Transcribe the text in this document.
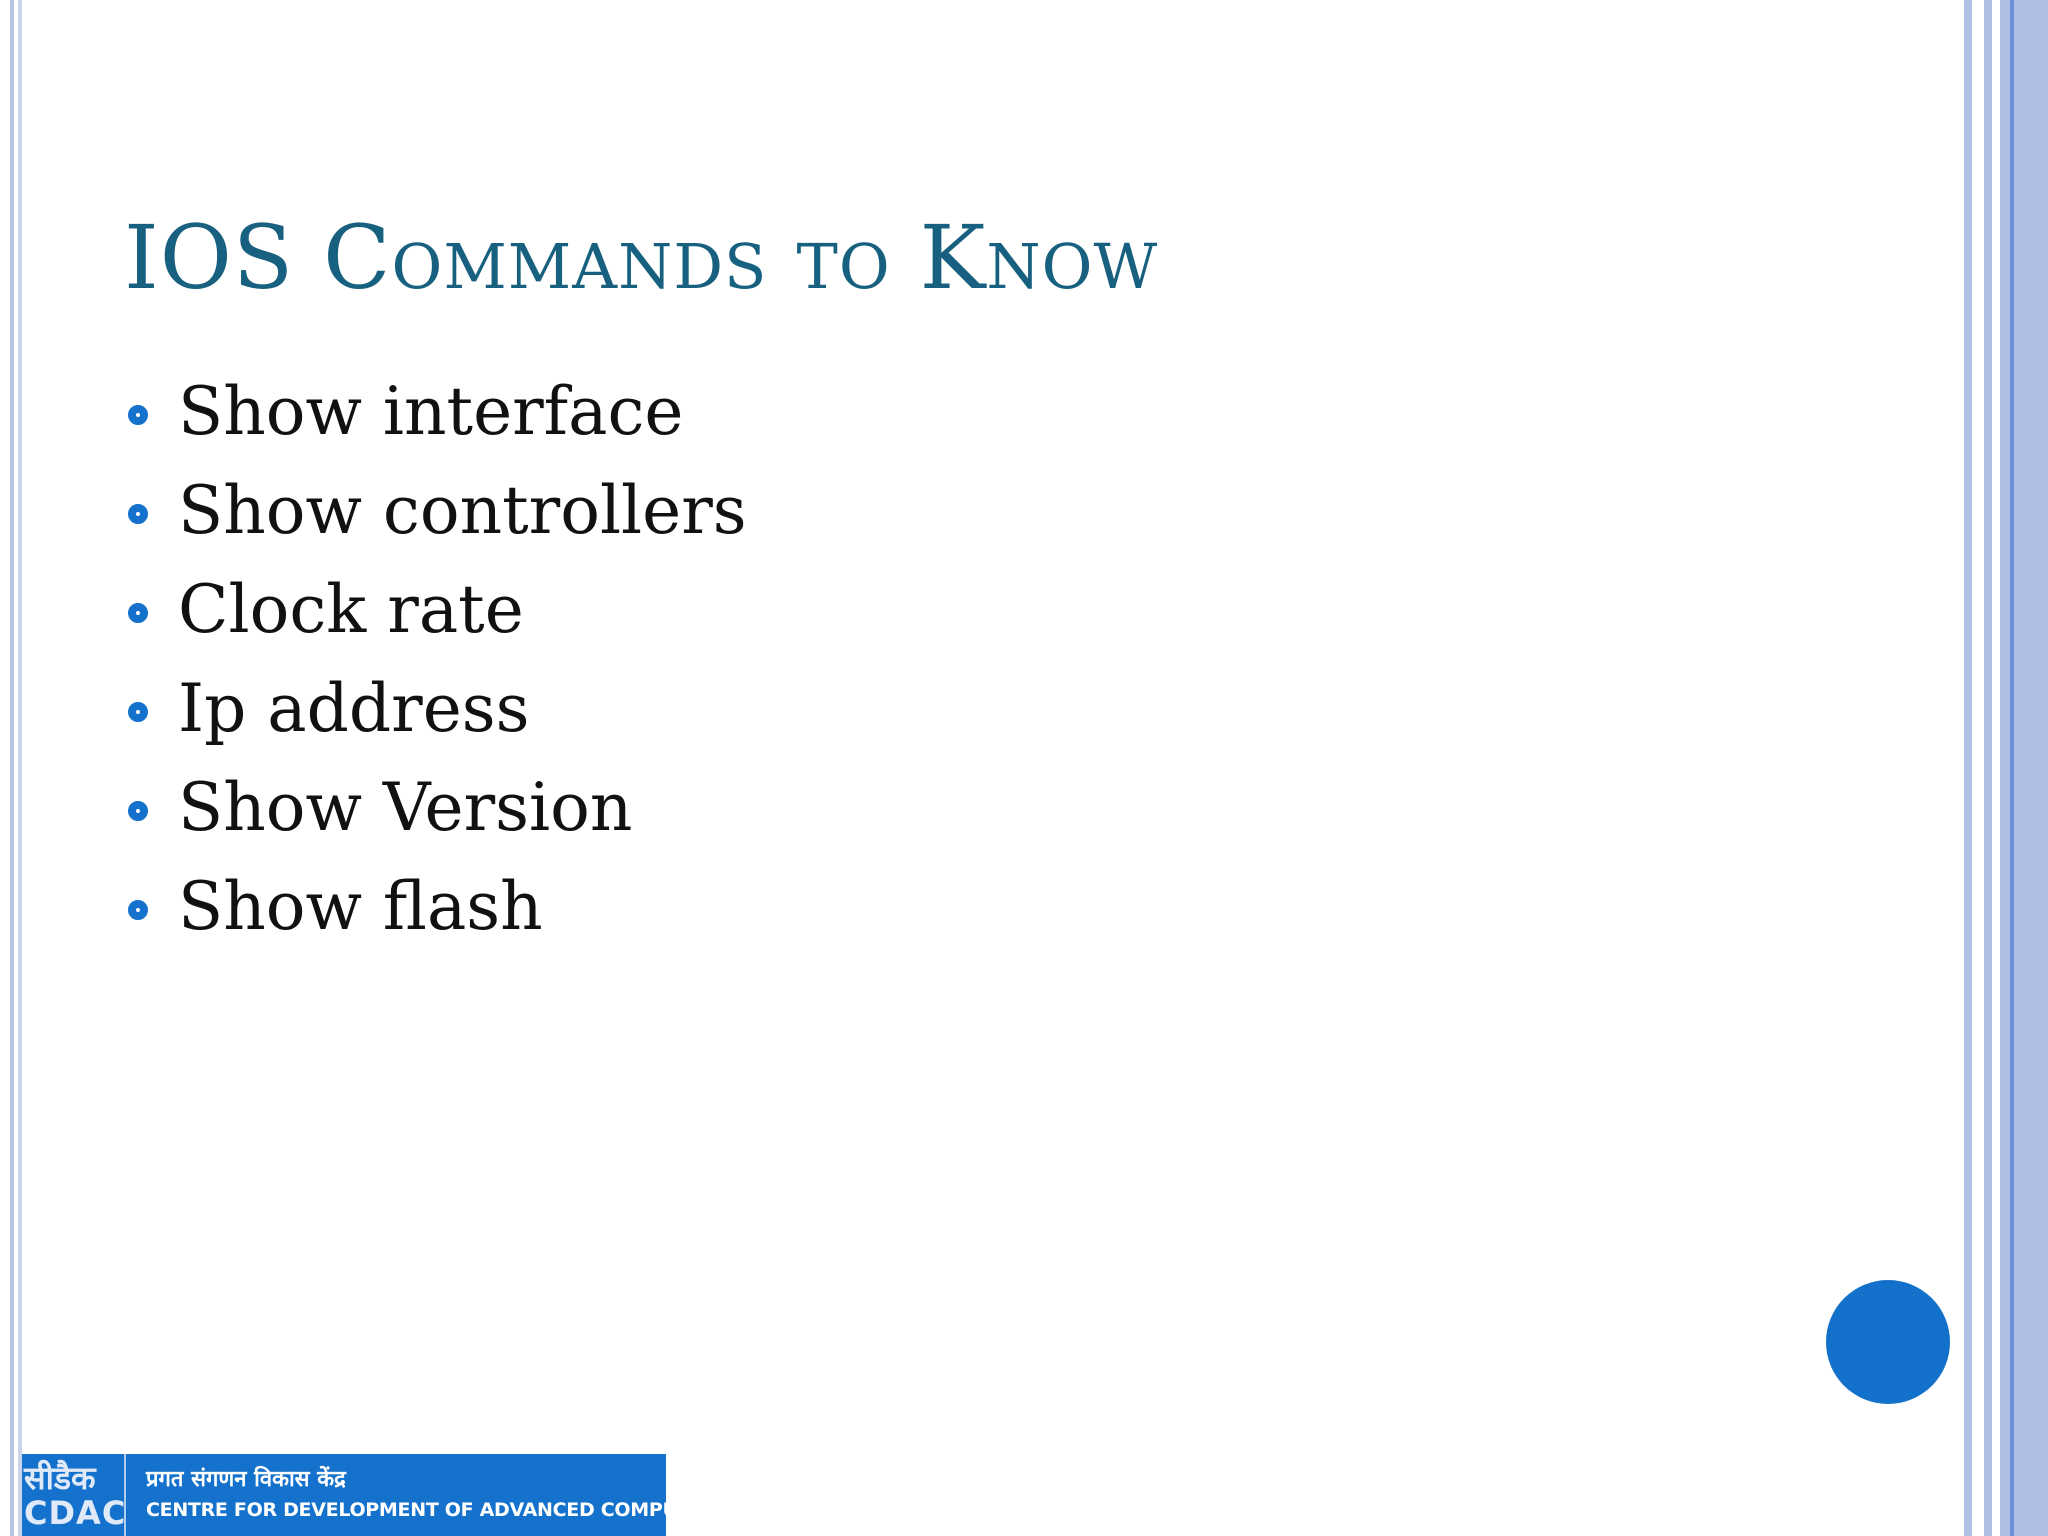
IOS Commands to Know
Show interface
Show controllers
Clock rate
Ip address
Show Version
Show flash
सीडैक
CDAC
प्रगत संगणन विकास केंद्र
CENTRE FOR DEVELOPMENT OF ADVANCED COMPUTING
